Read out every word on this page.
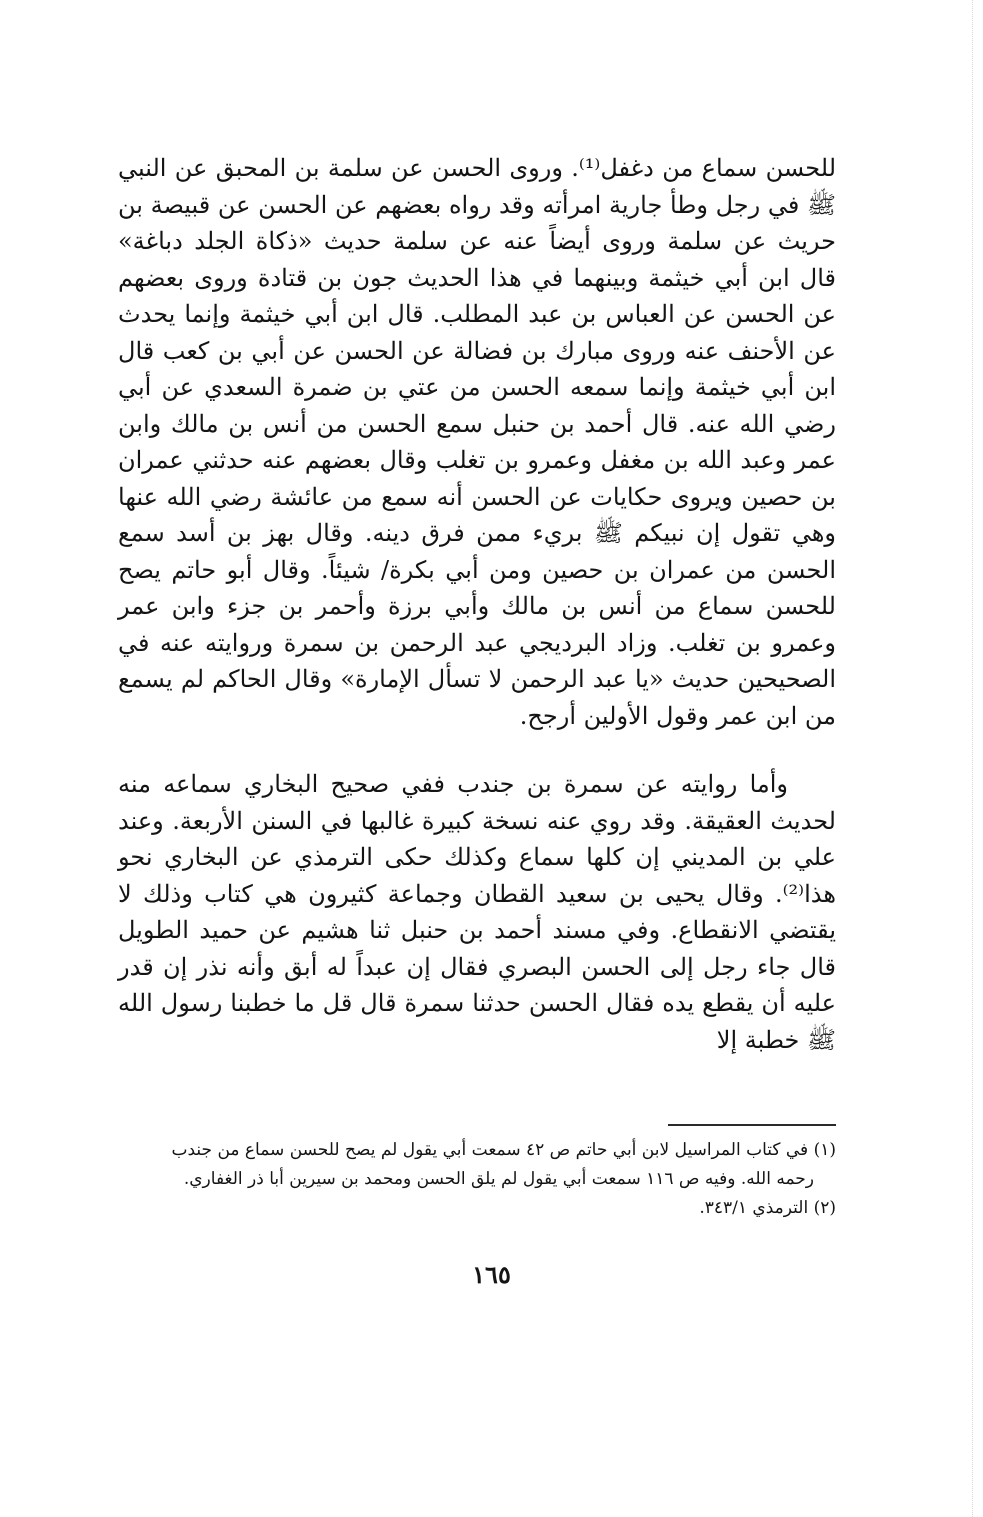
للحسن سماع من دغفل⁽¹⁾. وروى الحسن عن سلمة بن المحبق عن النبي ﷺ في رجل وطأ جارية امرأته وقد رواه بعضهم عن الحسن عن قبيصة بن حريث عن سلمة وروى أيضاً عنه عن سلمة حديث «ذكاة الجلد دباغة» قال ابن أبي خيثمة وبينهما في هذا الحديث جون بن قتادة وروى بعضهم عن الحسن عن العباس بن عبد المطلب. قال ابن أبي خيثمة وإنما يحدث عن الأحنف عنه وروى مبارك بن فضالة عن الحسن عن أبي بن كعب قال ابن أبي خيثمة وإنما سمعه الحسن من عتي بن ضمرة السعدي عن أبي رضي الله عنه. قال أحمد بن حنبل سمع الحسن من أنس بن مالك وابن عمر وعبد الله بن مغفل وعمرو بن تغلب وقال بعضهم عنه حدثني عمران بن حصين ويروى حكايات عن الحسن أنه سمع من عائشة رضي الله عنها وهي تقول إن نبيكم ﷺ بريء ممن فرق دينه. وقال بهز بن أسد سمع الحسن من عمران بن حصين ومن أبي بكرة/ شيئاً. وقال أبو حاتم يصح للحسن سماع من أنس بن مالك وأبي برزة وأحمر بن جزء وابن عمر وعمرو بن تغلب. وزاد البرديجي عبد الرحمن بن سمرة وروايته عنه في الصحيحين حديث «يا عبد الرحمن لا تسأل الإمارة» وقال الحاكم لم يسمع من ابن عمر وقول الأولين أرجح.

وأما روايته عن سمرة بن جندب ففي صحيح البخاري سماعه منه لحديث العقيقة. وقد روي عنه نسخة كبيرة غالبها في السنن الأربعة. وعند علي بن المديني إن كلها سماع وكذلك حكى الترمذي عن البخاري نحو هذا⁽²⁾. وقال يحيى بن سعيد القطان وجماعة كثيرون هي كتاب وذلك لا يقتضي الانقطاع. وفي مسند أحمد بن حنبل ثنا هشيم عن حميد الطويل قال جاء رجل إلى الحسن البصري فقال إن عبداً له أبق وأنه نذر إن قدر عليه أن يقطع يده فقال الحسن حدثنا سمرة قال قل ما خطبنا رسول الله ﷺ خطبة إلا

(١) في كتاب المراسيل لابن أبي حاتم ص ٤٢ سمعت أبي يقول لم يصح للحسن سماع من جندب

رحمه الله. وفيه ص ١١٦ سمعت أبي يقول لم يلق الحسن ومحمد بن سيرين أبا ذر الغفاري.

(٢) الترمذي ٣٤٣/١.

١٦٥
